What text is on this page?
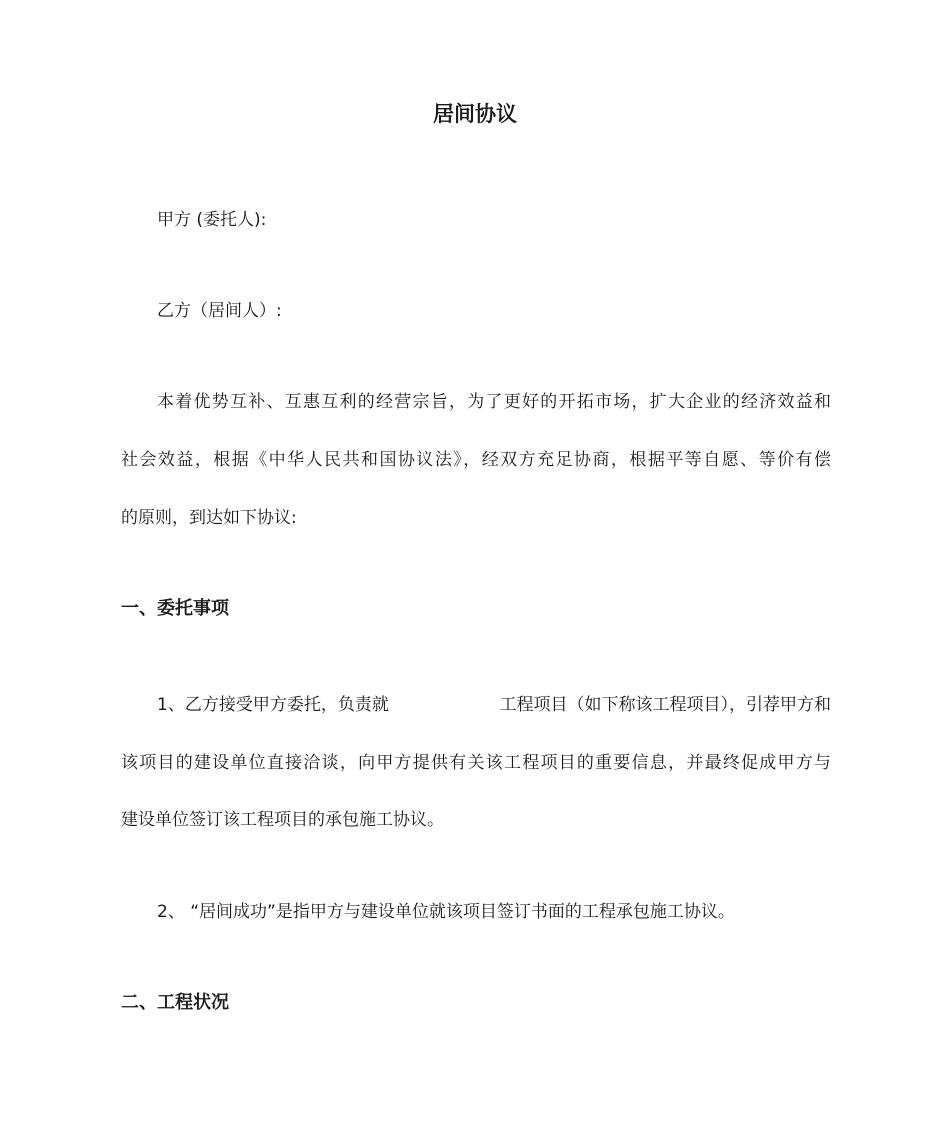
居间协议

甲方 (委托人):

乙方（居间人）:

本着优势互补、互惠互利的经营宗旨，为了更好的开拓市场，扩大企业的经济效益和

社会效益，根据《中华人民共和国协议法》，经双方充足协商，根据平等自愿、等价有偿

的原则，到达如下协议:

一、委托事项

1、乙方接受甲方委托，负责就	工程项目（如下称该工程项目），引荐甲方和

该项目的建设单位直接洽谈，向甲方提供有关该工程项目的重要信息，并最终促成甲方与

建设单位签订该工程项目的承包施工协议。

2、 “居间成功”是指甲方与建设单位就该项目签订书面的工程承包施工协议。

二、工程状况
